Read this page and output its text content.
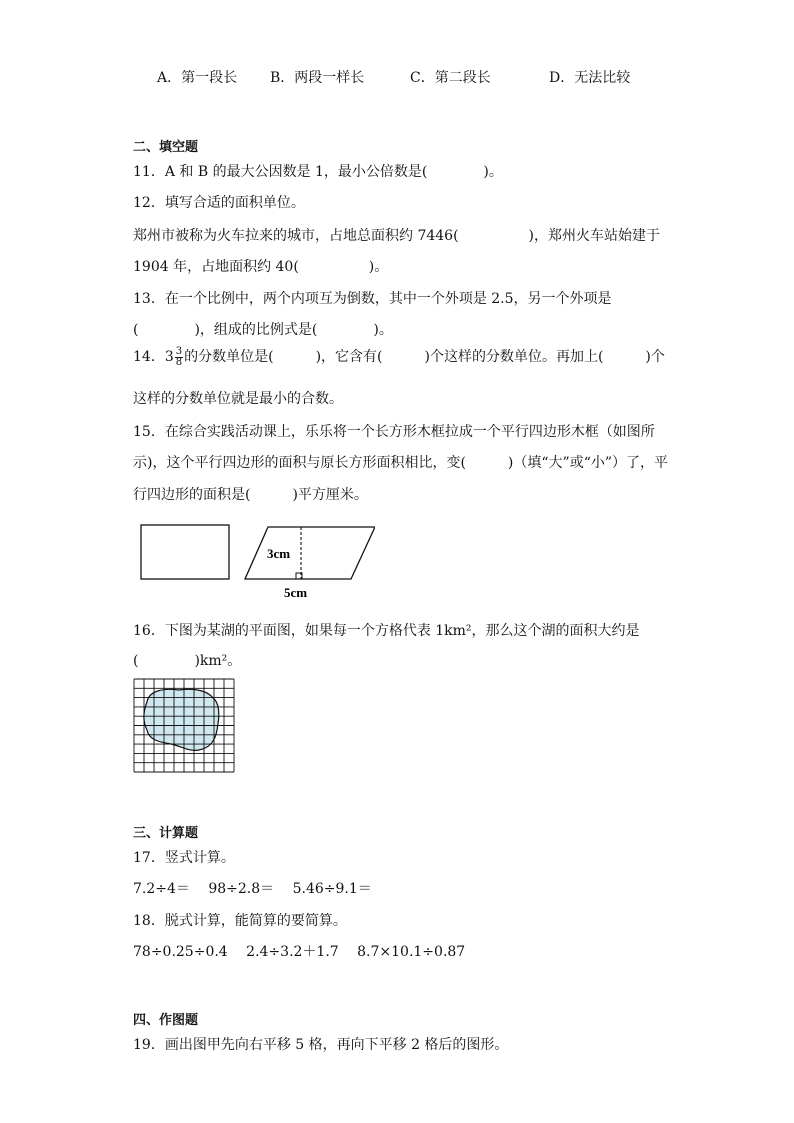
A．第一段长 B．两段一样长	C．第二段长	D．无法比较
二、填空题
11．A 和 B 的最大公因数是 1，最小公倍数是(　　　　)。
12．填写合适的面积单位。
郑州市被称为火车拉来的城市，占地总面积约 7446(　　　　　)，郑州火车站始建于
1904 年，占地面积约 40(　　　　　)。
13．在一个比例中，两个内项互为倒数，其中一个外项是 2.5，另一个外项是
(　　　　)，组成的比例式是(　　　　)。
14．$3 \frac{3}{8}$ 的分数单位是(　　　)，它含有(　　　)个这样的分数单位。再加上(　　　)个
这样的分数单位就是最小的合数。
15．在综合实践活动课上，乐乐将一个长方形木框拉成一个平行四边形木框（如图所
示)，这个平行四边形的面积与原长方形面积相比，变(　　　)（填“大”或“小”）了，平
行四边形的面积是(　　　)平方厘米。
3cm
5cm
16．下图为某湖的平面图，如果每一个方格代表 1km²，那么这个湖的面积大约是
(　　　　)km²。
三、计算题
17．竖式计算。
7.2÷4＝　 98÷2.8＝　 5.46÷9.1＝
18．脱式计算，能简算的要简算。
78÷0.25÷0.4　 2.4÷3.2＋1.7　 8.7×10.1÷0.87
四、作图题
19．画出图甲先向右平移 5 格，再向下平移 2 格后的图形。
